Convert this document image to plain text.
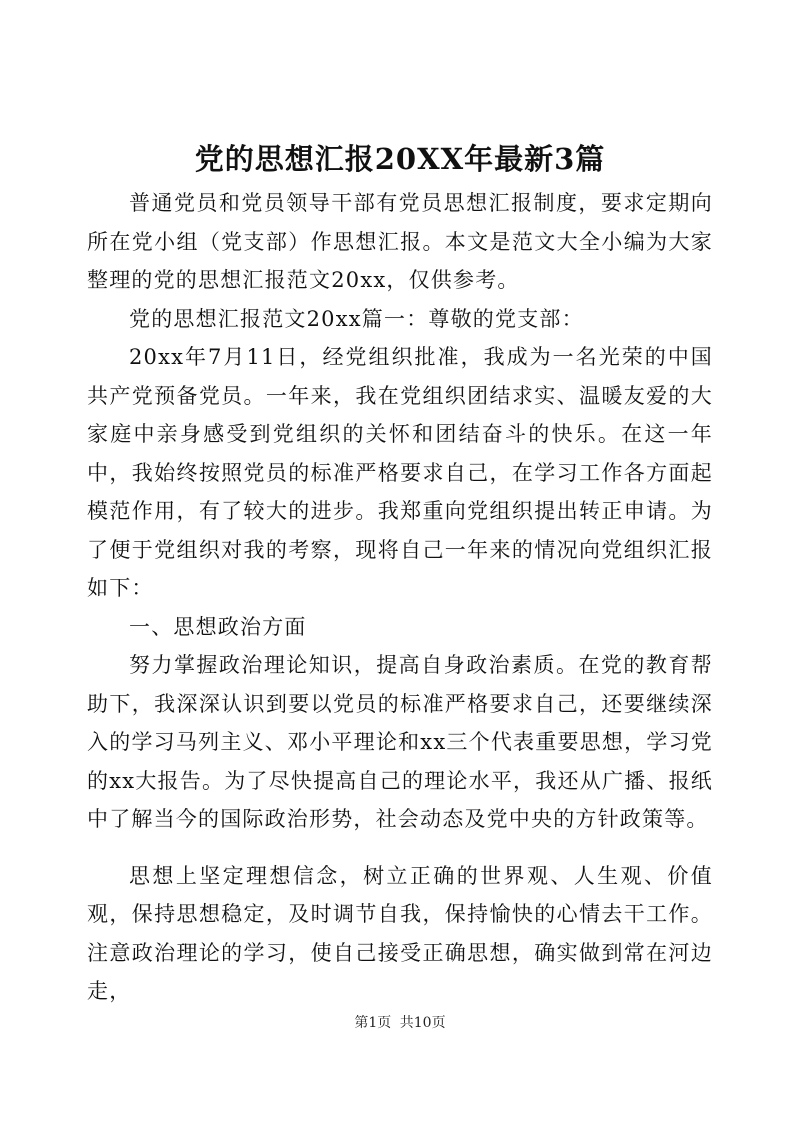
党的思想汇报20XX年最新3篇

普通党员和党员领导干部有党员思想汇报制度，要求定期向所在党小组（党支部）作思想汇报。本文是范文大全小编为大家整理的党的思想汇报范文20xx，仅供参考。

党的思想汇报范文20xx篇一：尊敬的党支部：

20xx年7月11日，经党组织批准，我成为一名光荣的中国共产党预备党员。一年来，我在党组织团结求实、温暖友爱的大家庭中亲身感受到党组织的关怀和团结奋斗的快乐。在这一年中，我始终按照党员的标准严格要求自己，在学习工作各方面起模范作用，有了较大的进步。我郑重向党组织提出转正申请。为了便于党组织对我的考察，现将自己一年来的情况向党组织汇报如下：

一、思想政治方面

努力掌握政治理论知识，提高自身政治素质。在党的教育帮助下，我深深认识到要以党员的标准严格要求自己，还要继续深入的学习马列主义、邓小平理论和xx三个代表重要思想，学习党的xx大报告。为了尽快提高自己的理论水平，我还从广播、报纸中了解当今的国际政治形势，社会动态及党中央的方针政策等。

思想上坚定理想信念，树立正确的世界观、人生观、价值观，保持思想稳定，及时调节自我，保持愉快的心情去干工作。注意政治理论的学习，使自己接受正确思想，确实做到常在河边走，

第1页 共10页
